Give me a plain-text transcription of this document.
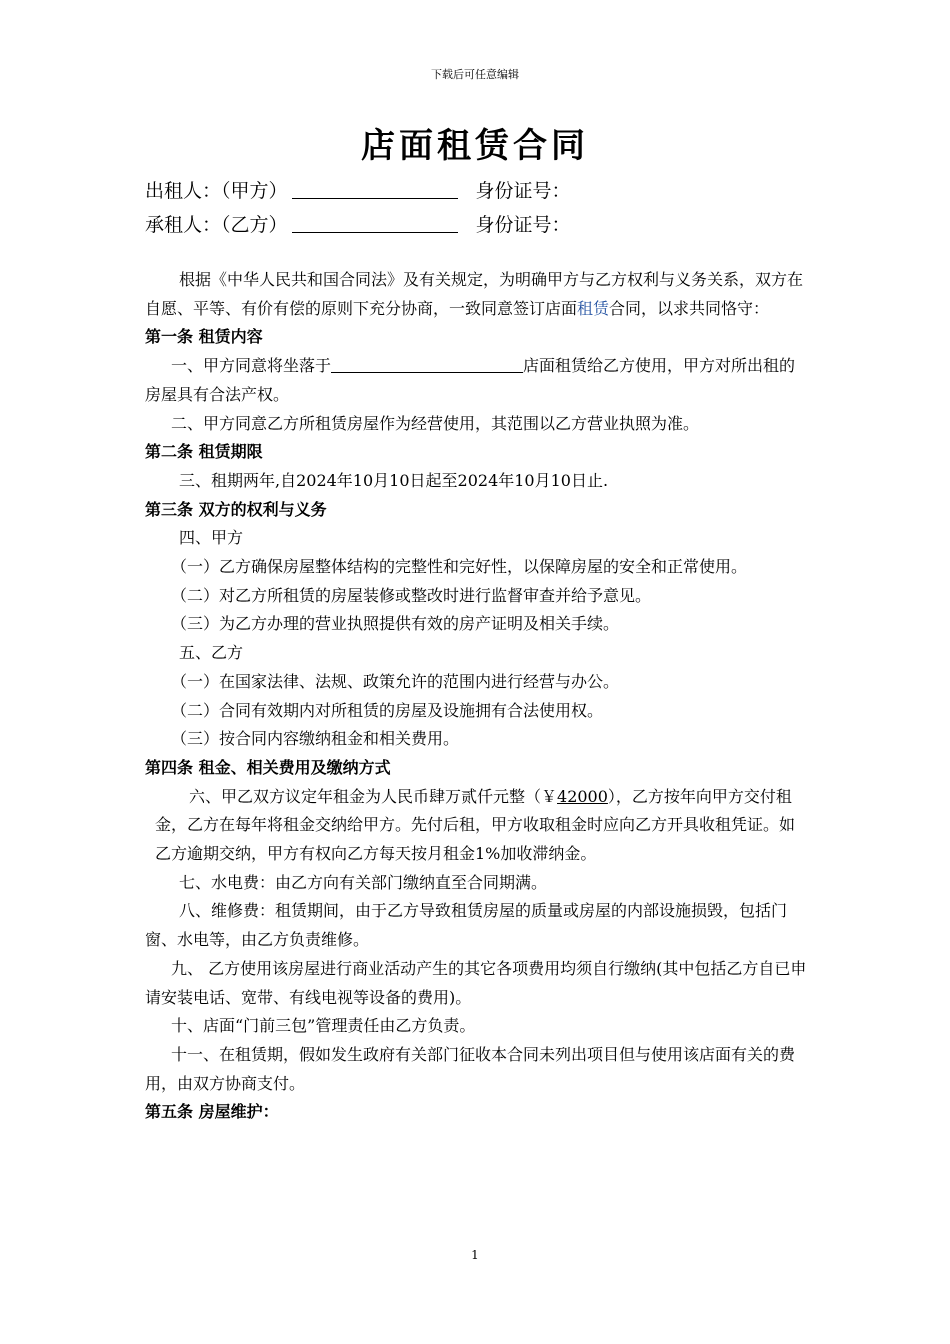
下载后可任意编辑
店面租赁合同
出租人：（甲方）	身份证号：
承租人：（乙方）	身份证号：

根据《中华人民共和国合同法》及有关规定，为明确甲方与乙方权利与义务关系，双方在自愿、平等、有价有偿的原则下充分协商，一致同意签订店面租赁合同，以求共同恪守：

第一条 租赁内容

一、甲方同意将坐落于	店面租赁给乙方使用，甲方对所出租的房屋具有合法产权。

二、甲方同意乙方所租赁房屋作为经营使用，其范围以乙方营业执照为准。

第二条 租赁期限

三、租期两年,自2024年10月10日起至2024年10月10日止.

第三条 双方的权利与义务

四、甲方

（一）乙方确保房屋整体结构的完整性和完好性，以保障房屋的安全和正常使用。

（二）对乙方所租赁的房屋装修或整改时进行监督审查并给予意见。

（三）为乙方办理的营业执照提供有效的房产证明及相关手续。

五、乙方

（一）在国家法律、法规、政策允许的范围内进行经营与办公。

（二）合同有效期内对所租赁的房屋及设施拥有合法使用权。

（三）按合同内容缴纳租金和相关费用。

第四条 租金、相关费用及缴纳方式

六、甲乙双方议定年租金为人民币肆万贰仟元整（￥42000），乙方按年向甲方交付租金，乙方在每年将租金交纳给甲方。先付后租，甲方收取租金时应向乙方开具收租凭证。如乙方逾期交纳，甲方有权向乙方每天按月租金1%加收滞纳金。

七、水电费：由乙方向有关部门缴纳直至合同期满。

八、维修费：租赁期间，由于乙方导致租赁房屋的质量或房屋的内部设施损毁，包括门窗、水电等，由乙方负责维修。

九、 乙方使用该房屋进行商业活动产生的其它各项费用均须自行缴纳(其中包括乙方自已申请安装电话、宽带、有线电视等设备的费用)。

十、店面“门前三包”管理责任由乙方负责。

十一、在租赁期，假如发生政府有关部门征收本合同未列出项目但与使用该店面有关的费用，由双方协商支付。

第五条 房屋维护：

1
